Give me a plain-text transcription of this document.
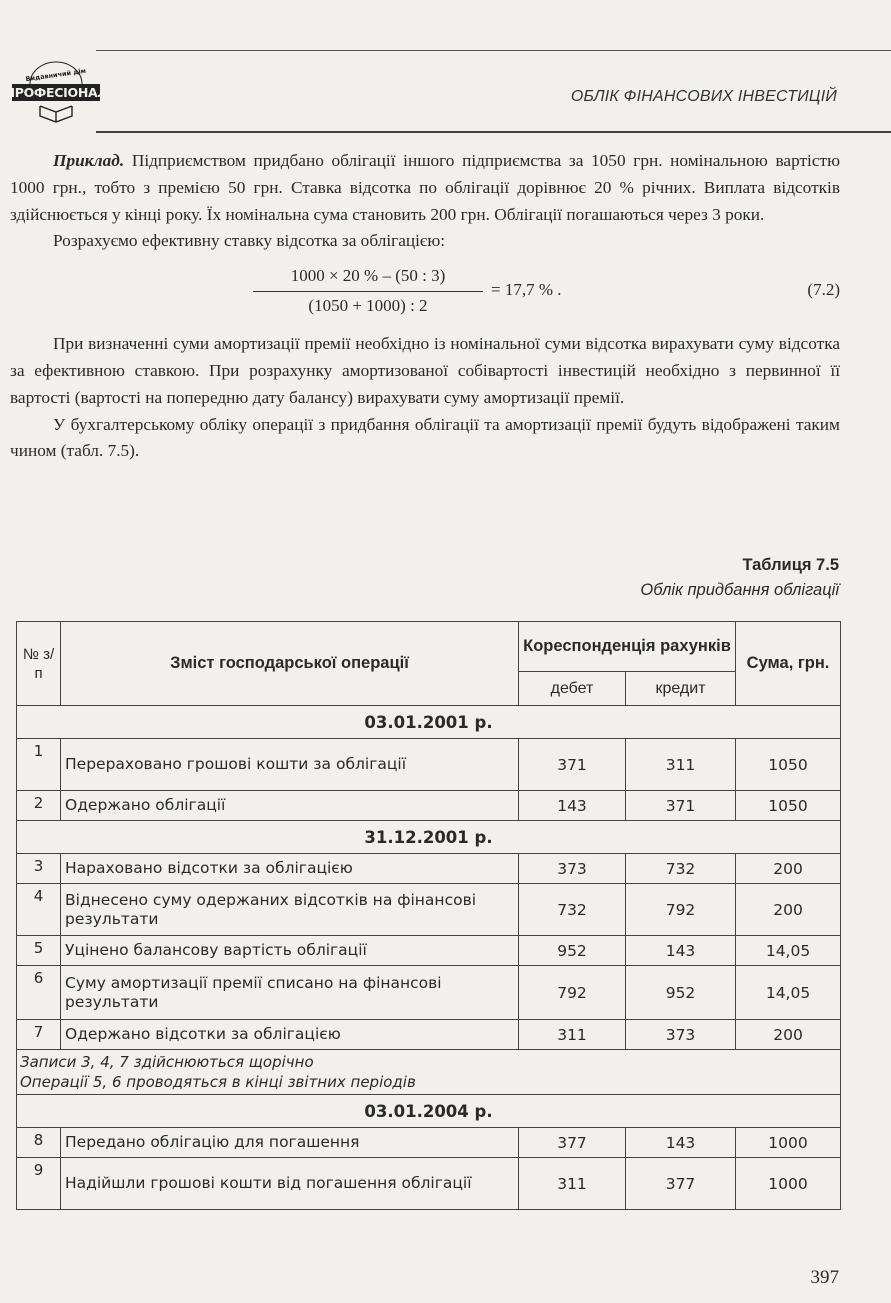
Видавничий дім
ПРОФЕСІОНАЛ	ОБЛІК ФІНАНСОВИХ ІНВЕСТИЦІЙ

Приклад. Підприємством придбано облігації іншого підприємства за 1050 грн. номінальною вартістю 1000 грн., тобто з премією 50 грн. Ставка відсотка по облігації дорівнює 20 % річних. Виплата відсотків здійснюється у кінці року. Їх номінальна сума становить 200 грн. Облігації погашаються через 3 роки.

Розрахуємо ефективну ставку відсотка за облігацією:

$\frac{1000 \times 20 \% - (50 : 3)}{(1050 + 1000) : 2} = 17,7$ % .	(7.2)

При визначенні суми амортизації премії необхідно із номінальної суми відсотка вирахувати суму відсотка за ефективною ставкою. При розрахунку амортизованої собівартості інвестицій необхідно з первинної її вартості (вартості на попередню дату балансу) вирахувати суму амортизації премії.

У бухгалтерському обліку операції з придбання облігації та амортизації премії будуть відображені таким чином (табл. 7.5).

Таблиця 7.5
Облік придбання облігації
№ з/п	Зміст господарської операції	Кореспонденція рахунків		Сума, грн.
		дебет	кредит	
03.01.2001 р.				
1	Перераховано грошові кошти за облігації	371	311	1050
2	Одержано облігації	143	371	1050
31.12.2001 р.				
3	Нараховано відсотки за облігацією	373	732	200
4	Віднесено суму одержаних відсотків на фінансові результати	732	792	200
5	Уцінено балансову вартість облігації	952	143	14,05
6	Суму амортизації премії списано на фінансові результати	792	952	14,05
7	Одержано відсотки за облігацією	311	373	200

Записи 3, 4, 7 здійснюються щорічно
Операції 5, 6 проводяться в кінці звітних періодів				

03.01.2004 р.				
8	Передано облігацію для погашення	377	143	1000
9	Надійшли грошові кошти від погашення облігації	311	377	1000
397
